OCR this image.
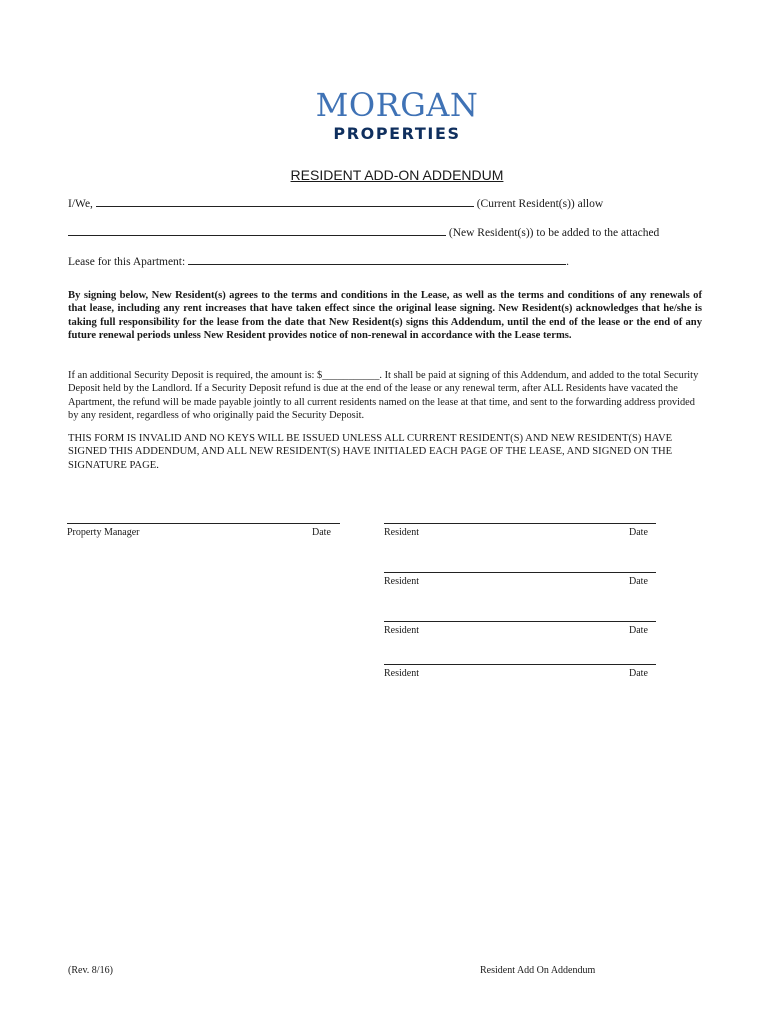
MORGAN
PROPERTIES
RESIDENT ADD-ON ADDENDUM
I/We,	(Current Resident(s)) allow
(New Resident(s)) to be added to the attached
Lease for this Apartment:	.
By signing below, New Resident(s) agrees to the terms and conditions in the Lease, as well as the terms and conditions of any renewals of that lease, including any rent increases that have taken effect since the original lease signing. New Resident(s) acknowledges that he/she is taking full responsibility for the lease from the date that New Resident(s) signs this Addendum, until the end of the lease or the end of any future renewal periods unless New Resident provides notice of non-renewal in accordance with the Lease terms.
If an additional Security Deposit is required, the amount is: $___________. It shall be paid at signing of this Addendum, and added to the total Security Deposit held by the Landlord. If a Security Deposit refund is due at the end of the lease or any renewal term, after ALL Residents have vacated the Apartment, the refund will be made payable jointly to all current residents named on the lease at that time, and sent to the forwarding address provided by any resident, regardless of who originally paid the Security Deposit.
THIS FORM IS INVALID AND NO KEYS WILL BE ISSUED UNLESS ALL CURRENT RESIDENT(S) AND NEW RESIDENT(S) HAVE SIGNED THIS ADDENDUM, AND ALL NEW RESIDENT(S) HAVE INITIALED EACH PAGE OF THE LEASE, AND SIGNED ON THE SIGNATURE PAGE.
Property Manager	Date	Resident	Date
Resident	Date
Resident	Date
Resident	Date
(Rev. 8/16)	Resident Add On Addendum
